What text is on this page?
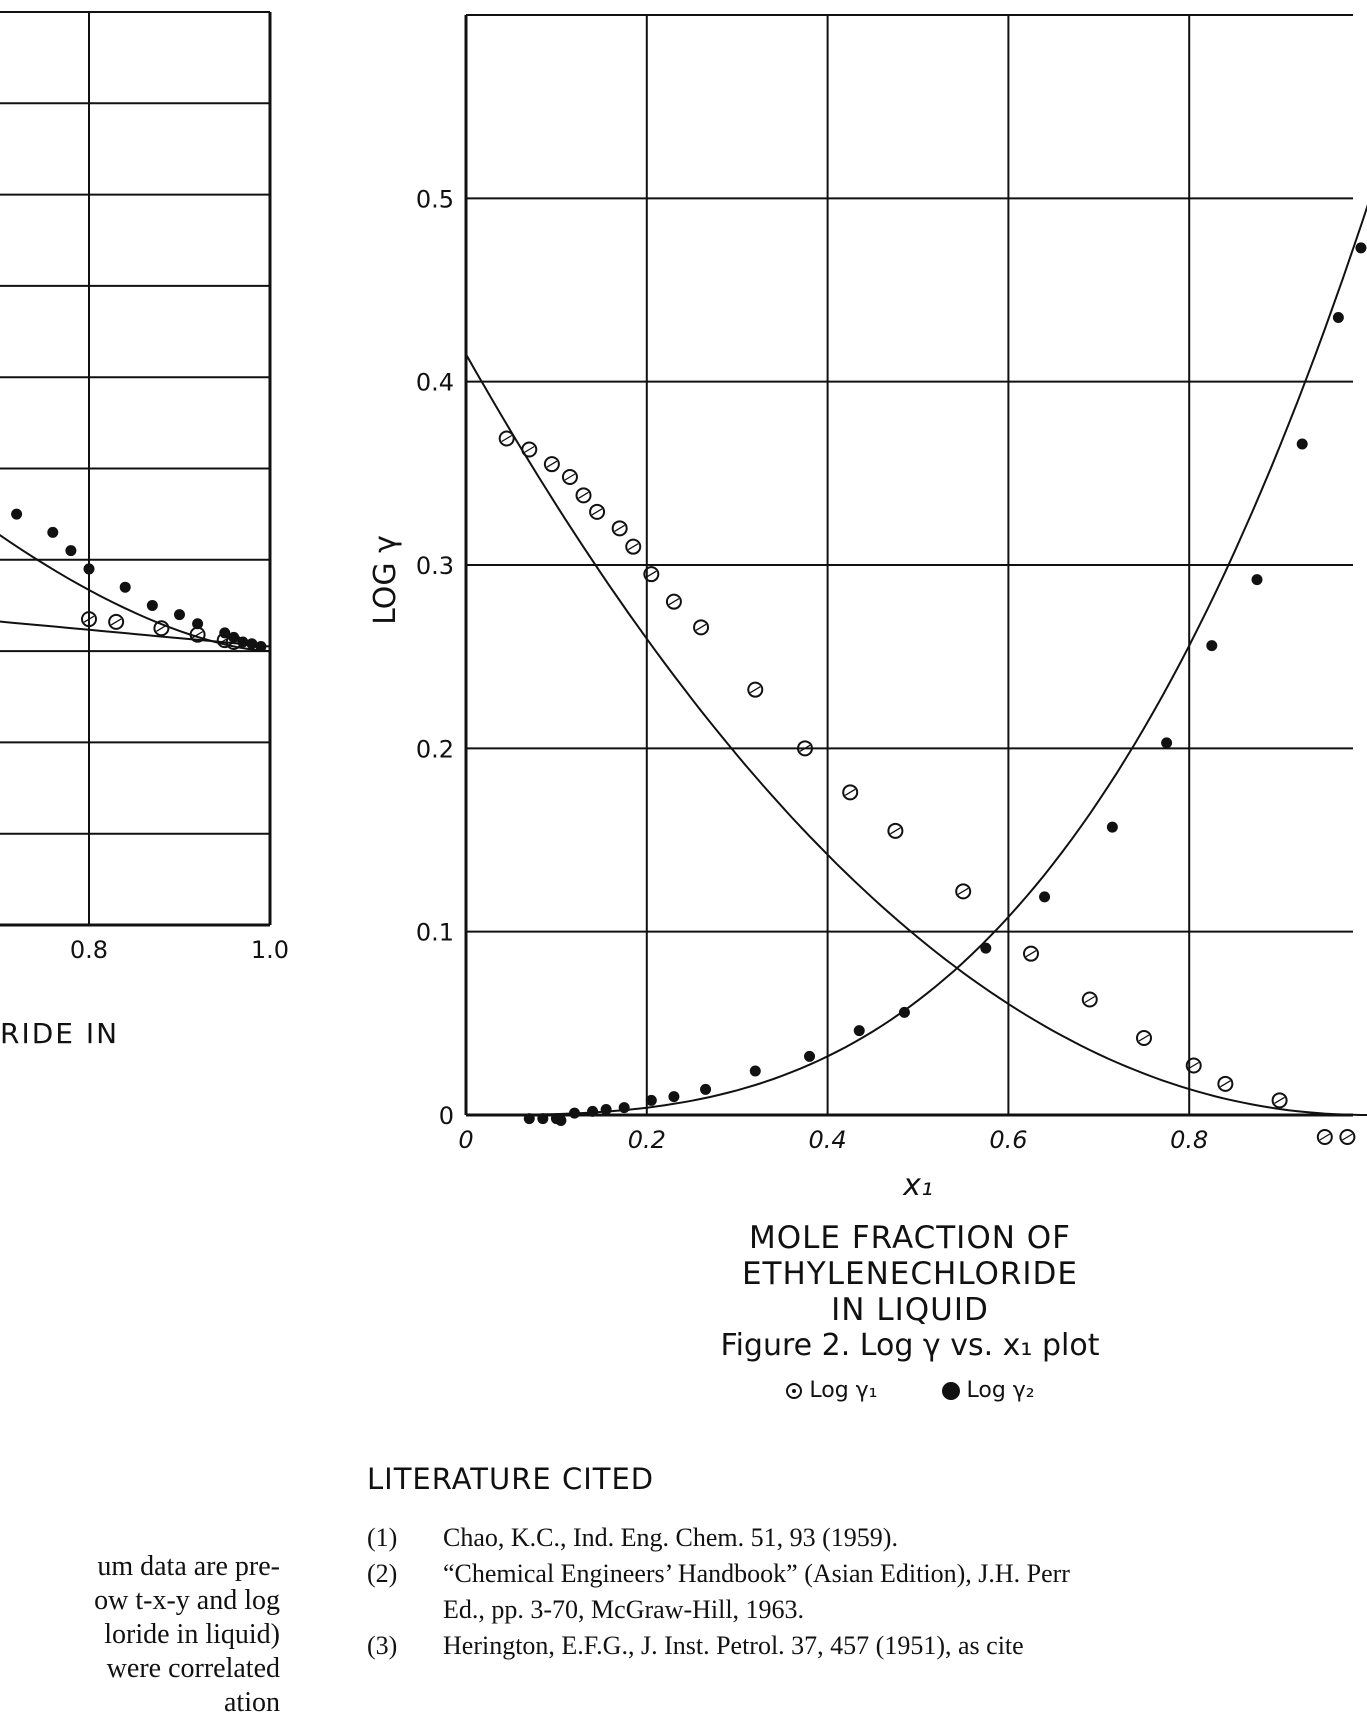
0.8	1.0
RIDE IN
0	0.2	0.4	0.6	0.8
0
0.1
0.2
0.3
0.4
0.5
LOG γ
x₁
MOLE FRACTION OF ETHYLENECHLORIDE
IN LIQUID
Figure 2. Log γ vs. x₁ plot
Log γ₁	Log γ₂
LITERATURE CITED
(1)	Chao, K.C., Ind. Eng. Chem. 51, 93 (1959).
(2)	“Chemical Engineers’ Handbook” (Asian Edition), J.H. Perr
Ed., pp. 3-70, McGraw-Hill, 1963.
(3)	Herington, E.F.G., J. Inst. Petrol. 37, 457 (1951), as cite
um data are pre-
ow t-x-y and log
loride in liquid)
were correlated
ation
